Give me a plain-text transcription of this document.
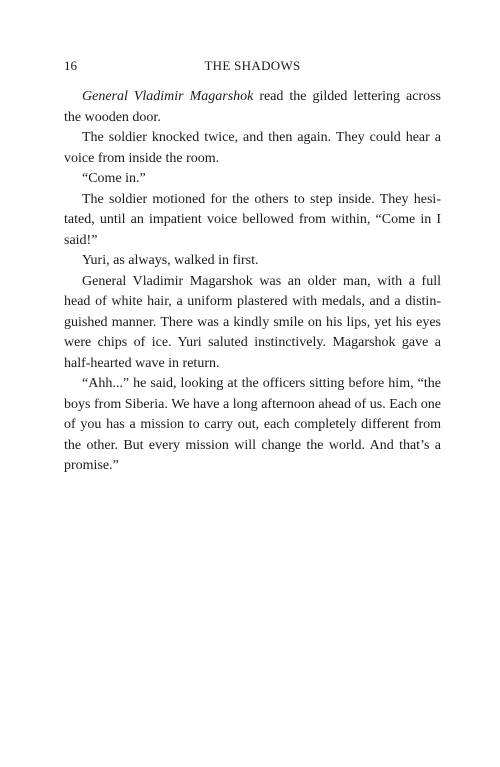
16	THE SHADOWS

General Vladimir Magarshok read the gilded lettering across the wooden door.

The soldier knocked twice, and then again. They could hear a voice from inside the room.

“Come in.”

The soldier motioned for the others to step inside. They hesitated, until an impatient voice bellowed from within, “Come in I said!”

Yuri, as always, walked in first.

General Vladimir Magarshok was an older man, with a full head of white hair, a uniform plastered with medals, and a distinguished manner. There was a kindly smile on his lips, yet his eyes were chips of ice. Yuri saluted instinctively. Magarshok gave a half-hearted wave in return.

“Ahh...” he said, looking at the officers sitting before him, “the boys from Siberia. We have a long afternoon ahead of us. Each one of you has a mission to carry out, each completely different from the other. But every mission will change the world. And that’s a promise.”
